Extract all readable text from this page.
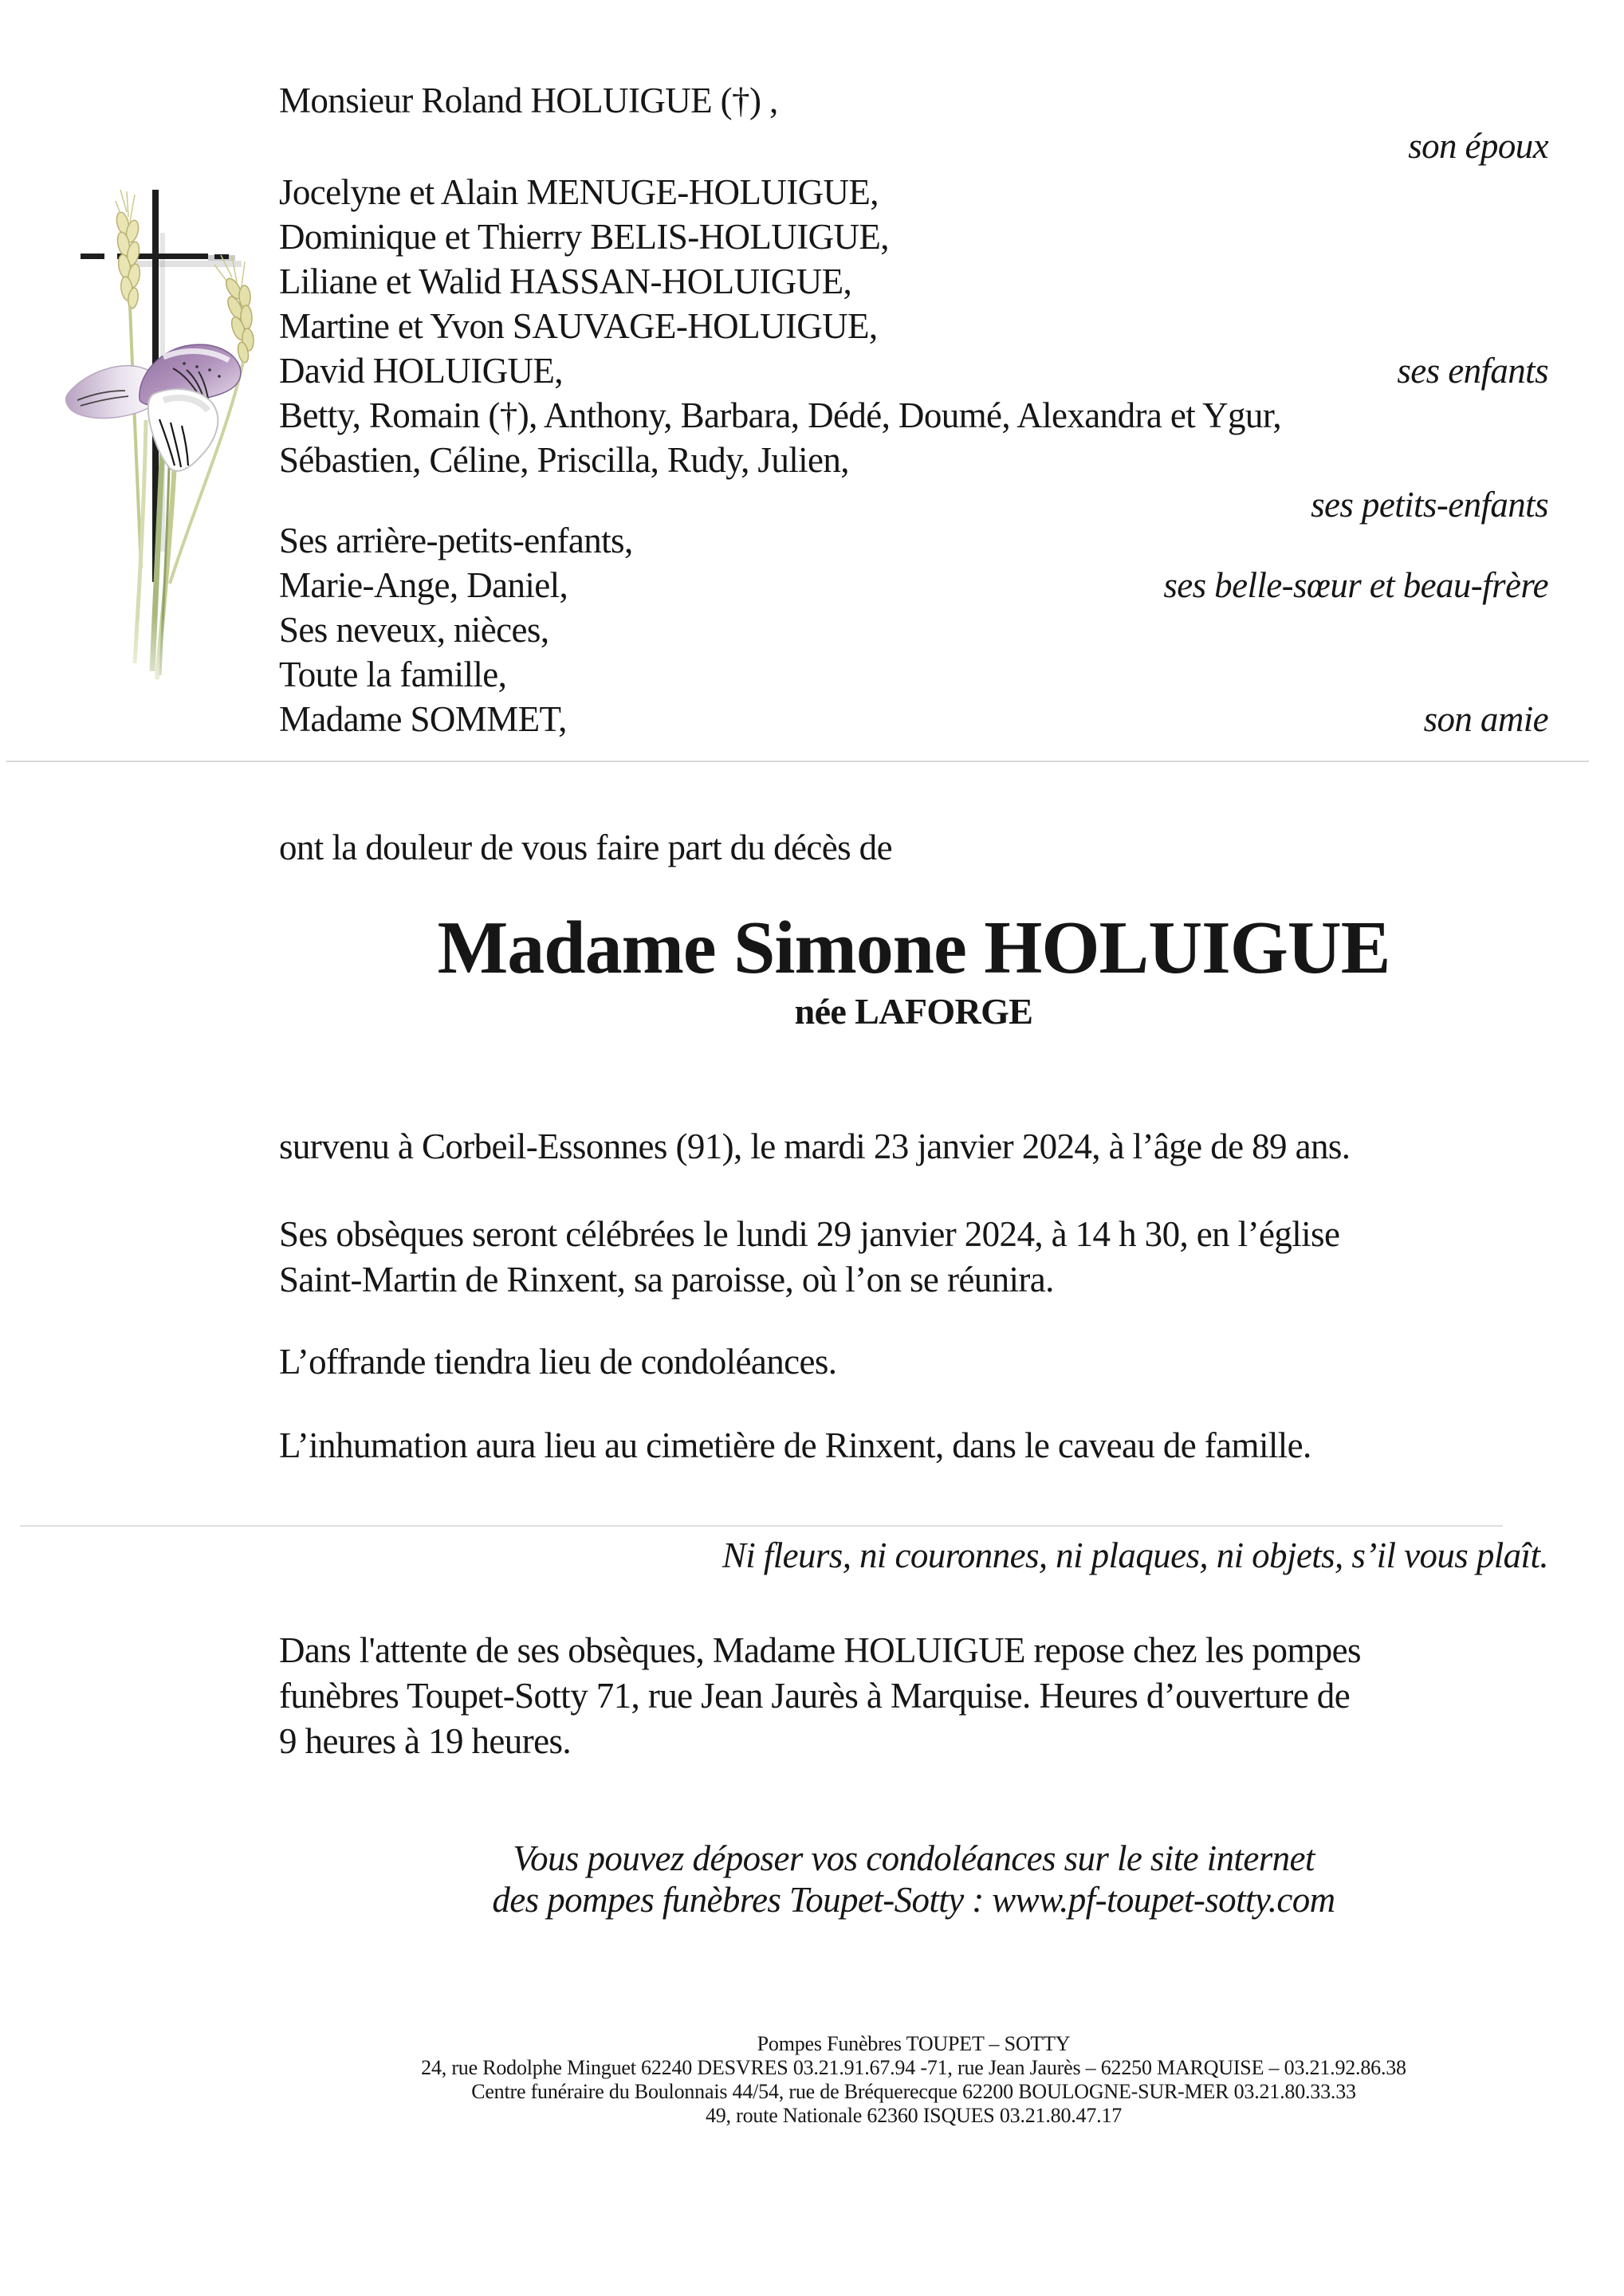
Monsieur Roland HOLUIGUE (†) ,
son époux
Jocelyne et Alain MENUGE-HOLUIGUE,
Dominique et Thierry BELIS-HOLUIGUE,
Liliane et Walid HASSAN-HOLUIGUE,
Martine et Yvon SAUVAGE-HOLUIGUE,
David HOLUIGUE,	ses enfants
Betty, Romain (†), Anthony, Barbara, Dédé, Doumé, Alexandra et Ygur,
Sébastien, Céline, Priscilla, Rudy, Julien,
ses petits-enfants
Ses arrière-petits-enfants,
Marie-Ange, Daniel,	ses belle-sœur et beau-frère
Ses neveux, nièces,
Toute la famille,
Madame SOMMET,	son amie
ont la douleur de vous faire part du décès de
Madame Simone HOLUIGUE
née LAFORGE
survenu à Corbeil-Essonnes (91), le mardi 23 janvier 2024, à l’âge de 89 ans.
Ses obsèques seront célébrées le lundi 29 janvier 2024, à 14 h 30, en l’église
Saint-Martin de Rinxent, sa paroisse, où l’on se réunira.
L’offrande tiendra lieu de condoléances.
L’inhumation aura lieu au cimetière de Rinxent, dans le caveau de famille.
Ni fleurs, ni couronnes, ni plaques, ni objets, s’il vous plaît.
Dans l'attente de ses obsèques, Madame HOLUIGUE repose chez les pompes
funèbres Toupet-Sotty 71, rue Jean Jaurès à Marquise. Heures d’ouverture de
9 heures à 19 heures.
Vous pouvez déposer vos condoléances sur le site internet
des pompes funèbres Toupet-Sotty : www.pf-toupet-sotty.com
Pompes Funèbres TOUPET – SOTTY
24, rue Rodolphe Minguet 62240 DESVRES 03.21.91.67.94 -71, rue Jean Jaurès – 62250 MARQUISE – 03.21.92.86.38
Centre funéraire du Boulonnais 44/54, rue de Bréquerecque 62200 BOULOGNE-SUR-MER 03.21.80.33.33
49, route Nationale 62360 ISQUES 03.21.80.47.17
